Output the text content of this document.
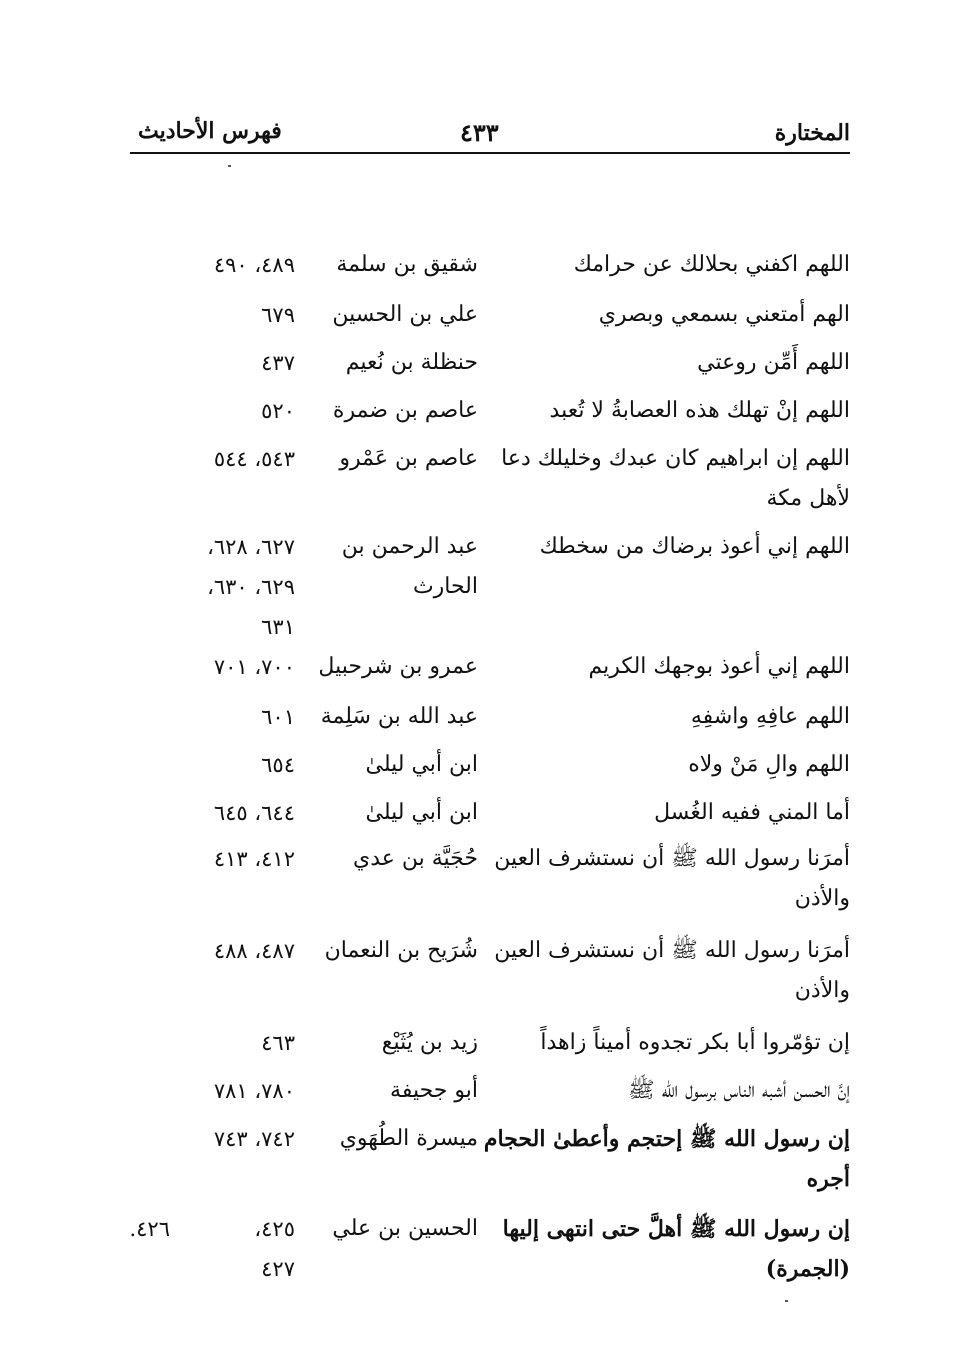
المختارة
٤٣٣
فهرس الأحاديث
اللهم اكفني بحلالك عن حرامك
شقيق بن سلمة
٤٨٩، ٤٩٠
الهم أمتعني بسمعي وبصري
علي بن الحسين
٦٧٩
اللهم أَمِّن روعتي
حنظلة بن نُعيم
٤٣٧
اللهم إنْ تهلك هذه العصابةُ لا تُعبد
عاصم بن ضمرة
٥٢٠
اللهم إن ابراهيم كان عبدك وخليلك دعا
لأهل مكة
عاصم بن عَمْرو
٥٤٣، ٥٤٤
اللهم إني أعوذ برضاك من سخطك
عبد الرحمن بن
الحارث
٦٢٧، ٦٢٨،
٦٢٩، ٦٣٠،
٦٣١
اللهم إني أعوذ بوجهك الكريم
عمرو بن شرحبيل
٧٠٠، ٧٠١
اللهم عافِهِ واشفِهِ
عبد الله بن سَلِمة
٦٠١
اللهم والِ مَنْ ولاه
ابن أبي ليلىٰ
٦٥٤
أما المني ففيه الغُسل
ابن أبي ليلىٰ
٦٤٤، ٦٤٥
أمرَنا رسول الله ﷺ أن نستشرف العين
والأذن
حُجَيَّة بن عدي
٤١٢، ٤١٣
أمرَنا رسول الله ﷺ أن نستشرف العين
والأذن
شُرَيح بن النعمان
٤٨٧، ٤٨٨
إن تؤمّروا أبا بكر تجدوه أميناً زاهداً
زيد بن يُثَيْع
٤٦٣
إنَّ الحسن أشبه الناس برسول الله ﷺ
أبو جحيفة
٧٨٠، ٧٨١
إن رسول الله ﷺ إحتجم وأعطىٰ الحجام
أجره
ميسرة الطُهَوي
٧٤٢، ٧٤٣
إن رسول الله ﷺ أهلَّ حتى انتهى إليها
(الجمرة)
الحسين بن علي
٤٢٥،
٤٢٧
٤٢٦.
